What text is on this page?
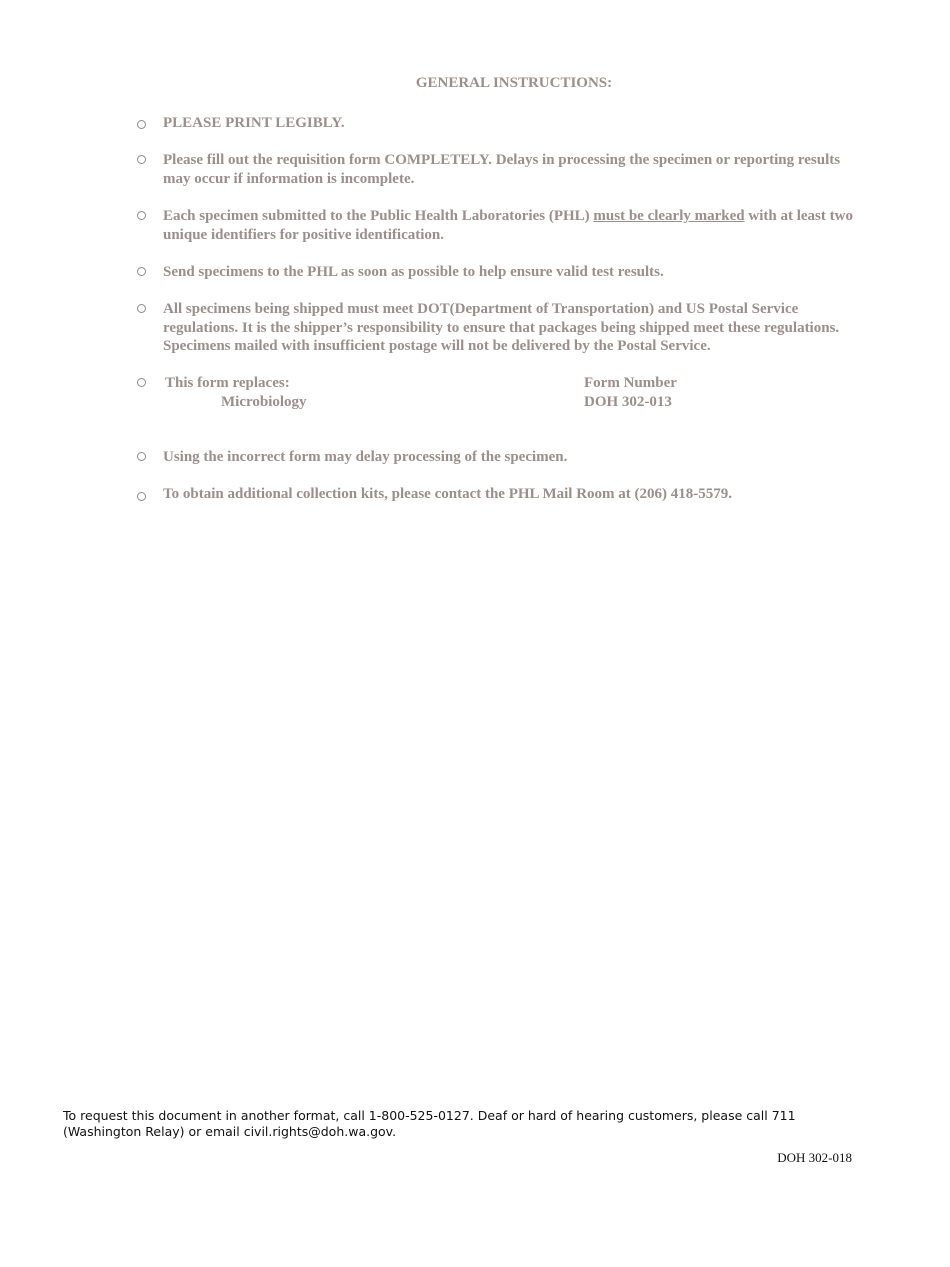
GENERAL INSTRUCTIONS:
PLEASE PRINT LEGIBLY.
Please fill out the requisition form COMPLETELY. Delays in processing the specimen or reporting results may occur if information is incomplete.
Each specimen submitted to the Public Health Laboratories (PHL) must be clearly marked with at least two unique identifiers for positive identification.
Send specimens to the PHL as soon as possible to help ensure valid test results.
All specimens being shipped must meet DOT(Department of Transportation) and US Postal Service regulations. It is the shipper’s responsibility to ensure that packages being shipped meet these regulations. Specimens mailed with insufficient postage will not be delivered by the Postal Service.
This form replaces:
Microbiology
Form Number
DOH 302-013
Using the incorrect form may delay processing of the specimen.
To obtain additional collection kits, please contact the PHL Mail Room at (206) 418-5579.
To request this document in another format, call 1-800-525-0127. Deaf or hard of hearing customers, please call 711 (Washington Relay) or email civil.rights@doh.wa.gov.
DOH 302-018
